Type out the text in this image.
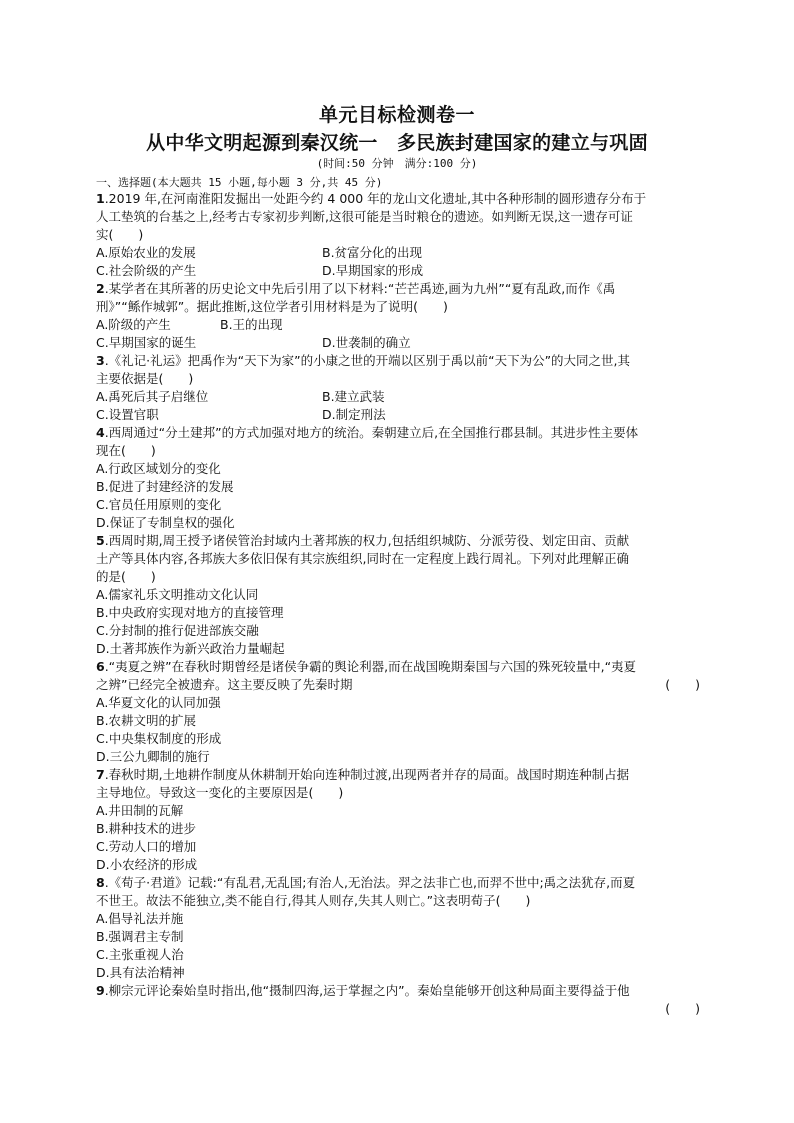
单元目标检测卷一
从中华文明起源到秦汉统一　多民族封建国家的建立与巩固
(时间:50 分钟　满分:100 分)
一、选择题(本大题共 15 小题,每小题 3 分,共 45 分)
1.2019 年,在河南淮阳发掘出一处距今约 4 000 年的龙山文化遗址,其中各种形制的圆形遗存分布于
人工垫筑的台基之上,经考古专家初步判断,这很可能是当时粮仓的遗迹。如判断无误,这一遗存可证
实(　　)
A.原始农业的发展	B.贫富分化的出现
C.社会阶级的产生	D.早期国家的形成
2.某学者在其所著的历史论文中先后引用了以下材料:“芒芒禹迹,画为九州”“夏有乱政,而作《禹
刑》”“鲧作城郭”。据此推断,这位学者引用材料是为了说明(　　)
A.阶级的产生	B.王的出现
C.早期国家的诞生	D.世袭制的确立
3.《礼记·礼运》把禹作为“天下为家”的小康之世的开端以区别于禹以前“天下为公”的大同之世,其
主要依据是(　　)
A.禹死后其子启继位	B.建立武装
C.设置官职	D.制定刑法
4.西周通过“分土建邦”的方式加强对地方的统治。秦朝建立后,在全国推行郡县制。其进步性主要体
现在(　　)
A.行政区域划分的变化
B.促进了封建经济的发展
C.官员任用原则的变化
D.保证了专制皇权的强化
5.西周时期,周王授予诸侯管治封域内土著邦族的权力,包括组织城防、分派劳役、划定田亩、贡献
土产等具体内容,各邦族大多依旧保有其宗族组织,同时在一定程度上践行周礼。下列对此理解正确
的是(　　)
A.儒家礼乐文明推动文化认同
B.中央政府实现对地方的直接管理
C.分封制的推行促进部族交融
D.土著邦族作为新兴政治力量崛起
6.“夷夏之辨”在春秋时期曾经是诸侯争霸的舆论利器,而在战国晚期秦国与六国的殊死较量中,“夷夏
之辨”已经完全被遗弃。这主要反映了先秦时期	(　　)
A.华夏文化的认同加强
B.农耕文明的扩展
C.中央集权制度的形成
D.三公九卿制的施行
7.春秋时期,土地耕作制度从休耕制开始向连种制过渡,出现两者并存的局面。战国时期连种制占据
主导地位。导致这一变化的主要原因是(　　)
A.井田制的瓦解
B.耕种技术的进步
C.劳动人口的增加
D.小农经济的形成
8.《荀子·君道》记载:“有乱君,无乱国;有治人,无治法。羿之法非亡也,而羿不世中;禹之法犹存,而夏
不世王。故法不能独立,类不能自行,得其人则存,失其人则亡。”这表明荀子(　　)
A.倡导礼法并施
B.强调君主专制
C.主张重视人治
D.具有法治精神
9.柳宗元评论秦始皇时指出,他“摄制四海,运于掌握之内”。秦始皇能够开创这种局面主要得益于他
(　　)
